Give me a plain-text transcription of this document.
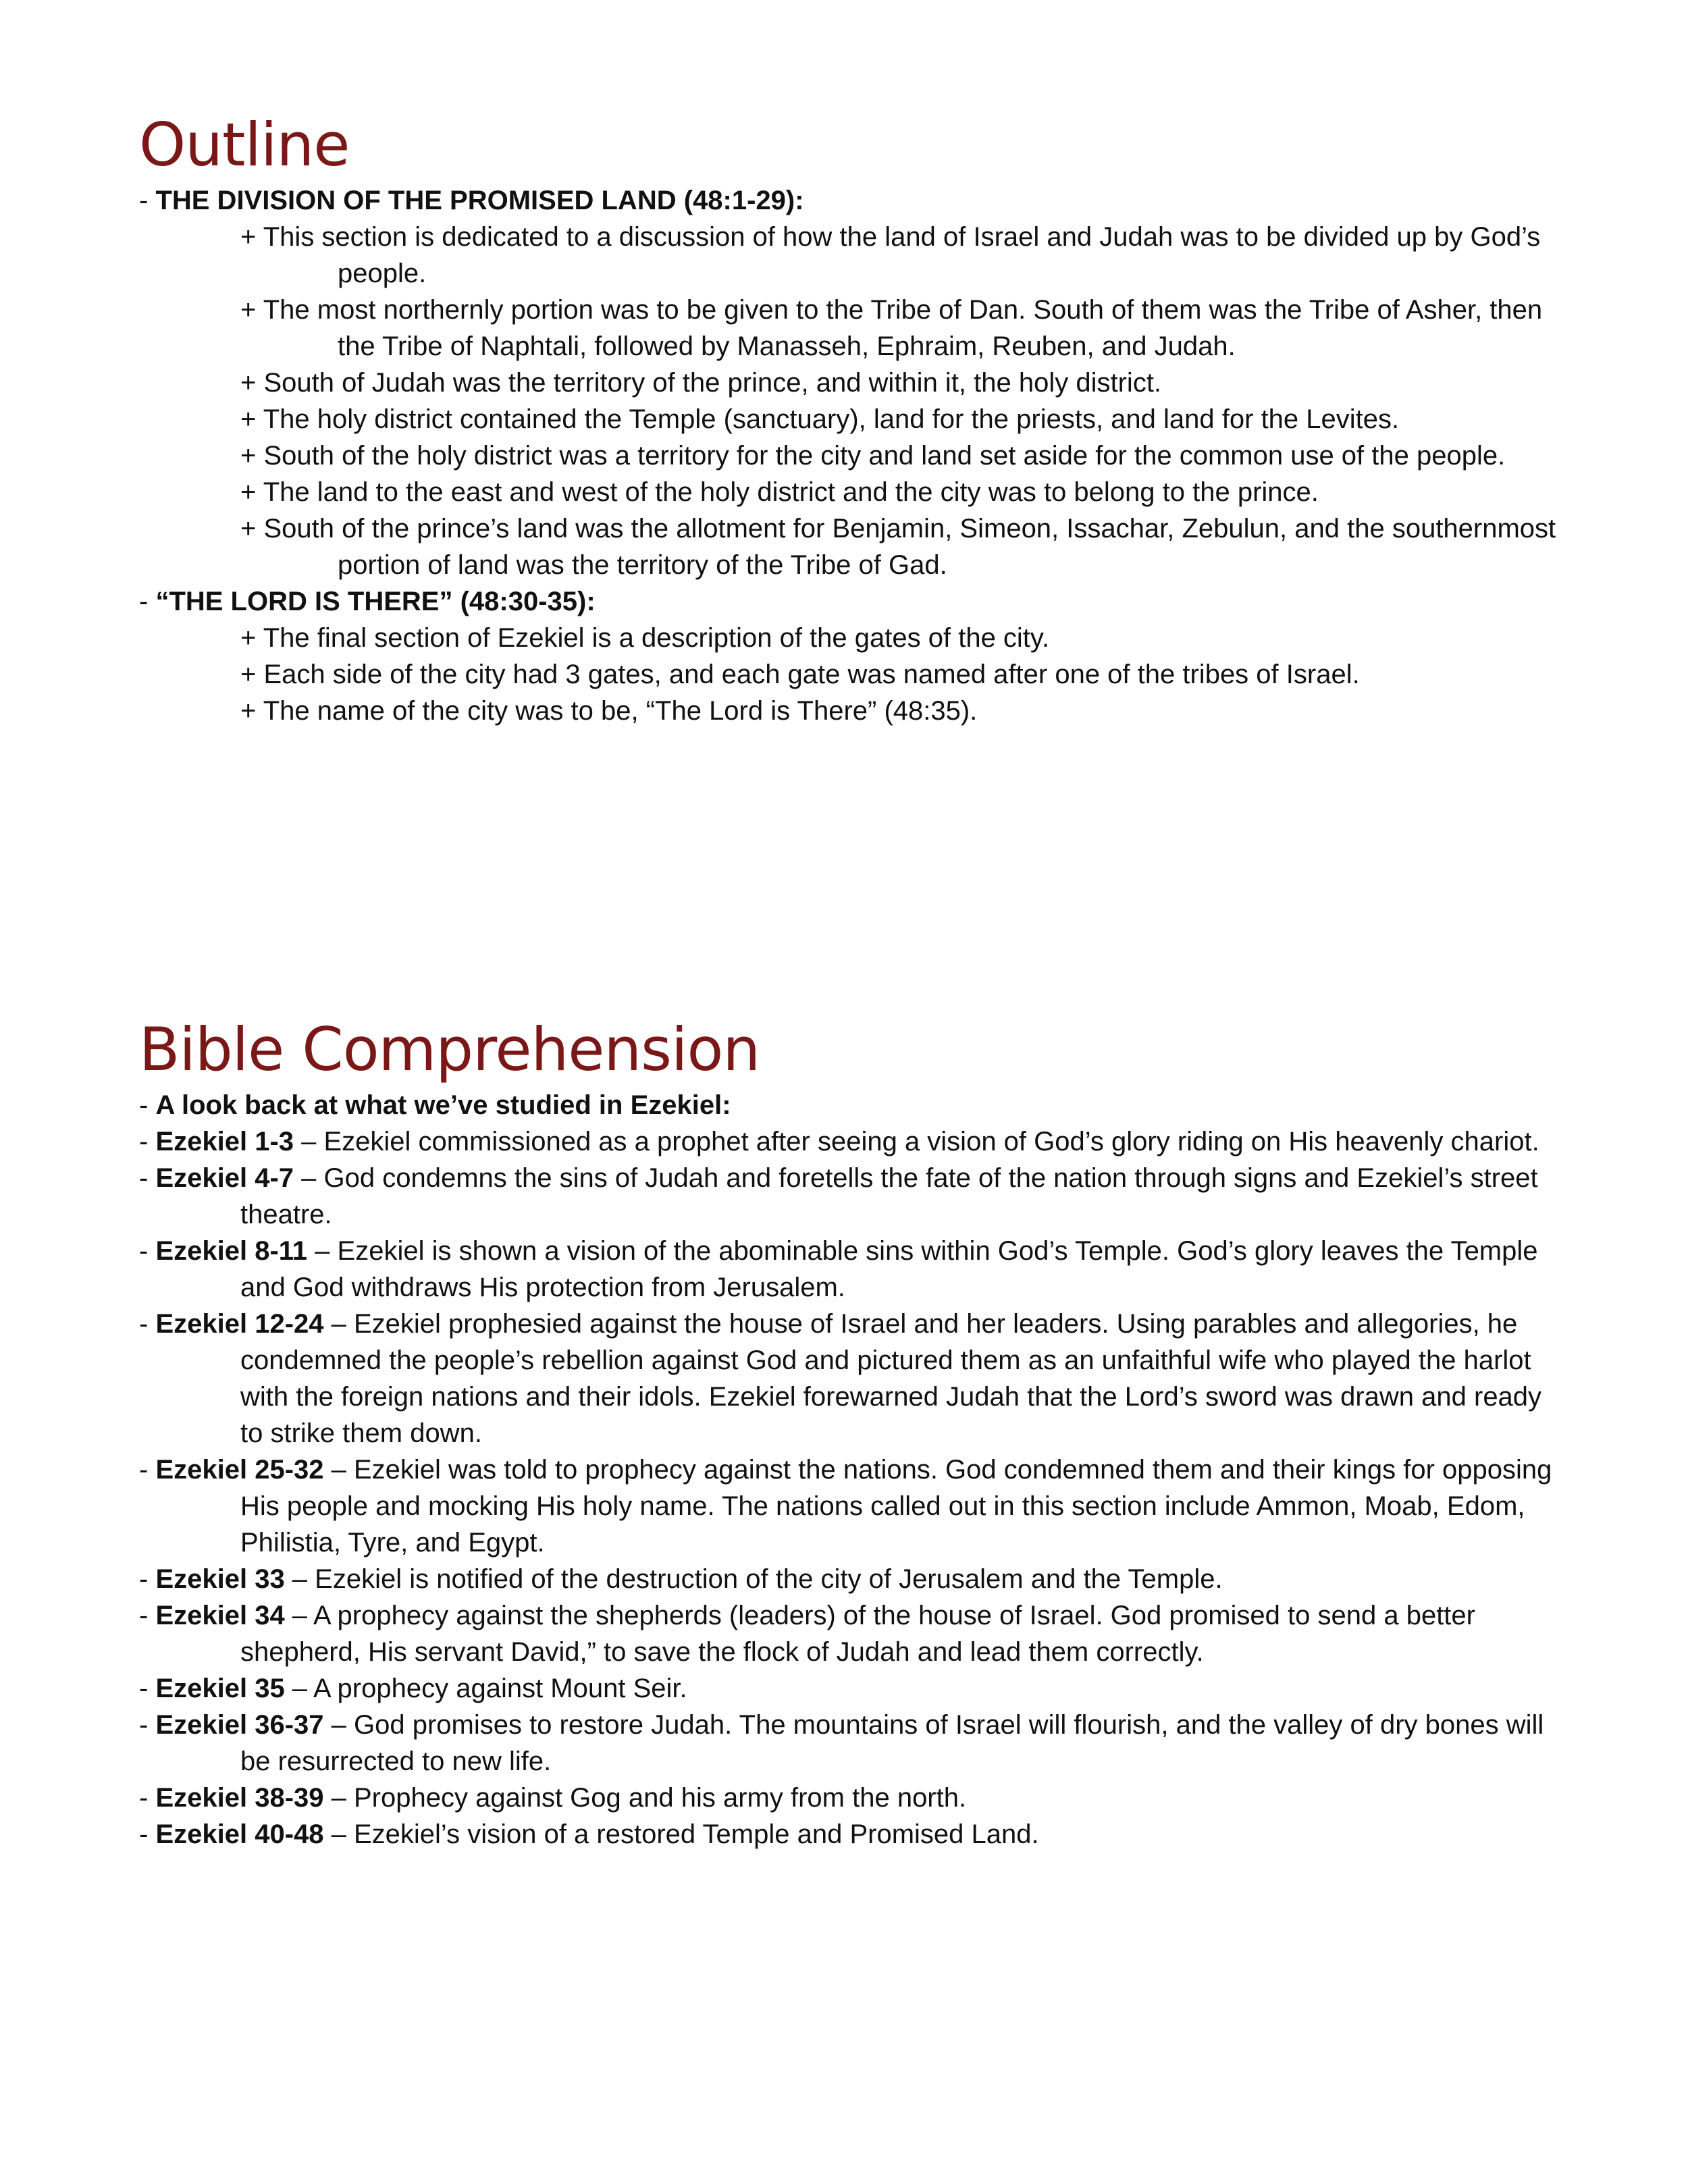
Outline

- THE DIVISION OF THE PROMISED LAND (48:1-29):

+ This section is dedicated to a discussion of how the land of Israel and Judah was to be divided up by God’s people.

+ The most northernly portion was to be given to the Tribe of Dan. South of them was the Tribe of Asher, then the Tribe of Naphtali, followed by Manasseh, Ephraim, Reuben, and Judah.

+ South of Judah was the territory of the prince, and within it, the holy district.

+ The holy district contained the Temple (sanctuary), land for the priests, and land for the Levites.

+ South of the holy district was a territory for the city and land set aside for the common use of the people.

+ The land to the east and west of the holy district and the city was to belong to the prince.

+ South of the prince’s land was the allotment for Benjamin, Simeon, Issachar, Zebulun, and the southernmost portion of land was the territory of the Tribe of Gad.

- “THE LORD IS THERE” (48:30-35):

+ The final section of Ezekiel is a description of the gates of the city.

+ Each side of the city had 3 gates, and each gate was named after one of the tribes of Israel.

+ The name of the city was to be, “The Lord is There” (48:35).

Bible Comprehension

- A look back at what we’ve studied in Ezekiel:

- Ezekiel 1-3 – Ezekiel commissioned as a prophet after seeing a vision of God’s glory riding on His heavenly chariot.

- Ezekiel 4-7 – God condemns the sins of Judah and foretells the fate of the nation through signs and Ezekiel’s street theatre.

- Ezekiel 8-11 – Ezekiel is shown a vision of the abominable sins within God’s Temple. God’s glory leaves the Temple and God withdraws His protection from Jerusalem.

- Ezekiel 12-24 – Ezekiel prophesied against the house of Israel and her leaders. Using parables and allegories, he condemned the people’s rebellion against God and pictured them as an unfaithful wife who played the harlot with the foreign nations and their idols. Ezekiel forewarned Judah that the Lord’s sword was drawn and ready to strike them down.

- Ezekiel 25-32 – Ezekiel was told to prophecy against the nations. God condemned them and their kings for opposing His people and mocking His holy name. The nations called out in this section include Ammon, Moab, Edom, Philistia, Tyre, and Egypt.

- Ezekiel 33 – Ezekiel is notified of the destruction of the city of Jerusalem and the Temple.

- Ezekiel 34 – A prophecy against the shepherds (leaders) of the house of Israel. God promised to send a better shepherd, His servant David,” to save the flock of Judah and lead them correctly.

- Ezekiel 35 – A prophecy against Mount Seir.

- Ezekiel 36-37 – God promises to restore Judah. The mountains of Israel will flourish, and the valley of dry bones will be resurrected to new life.

- Ezekiel 38-39 – Prophecy against Gog and his army from the north.

- Ezekiel 40-48 – Ezekiel’s vision of a restored Temple and Promised Land.
